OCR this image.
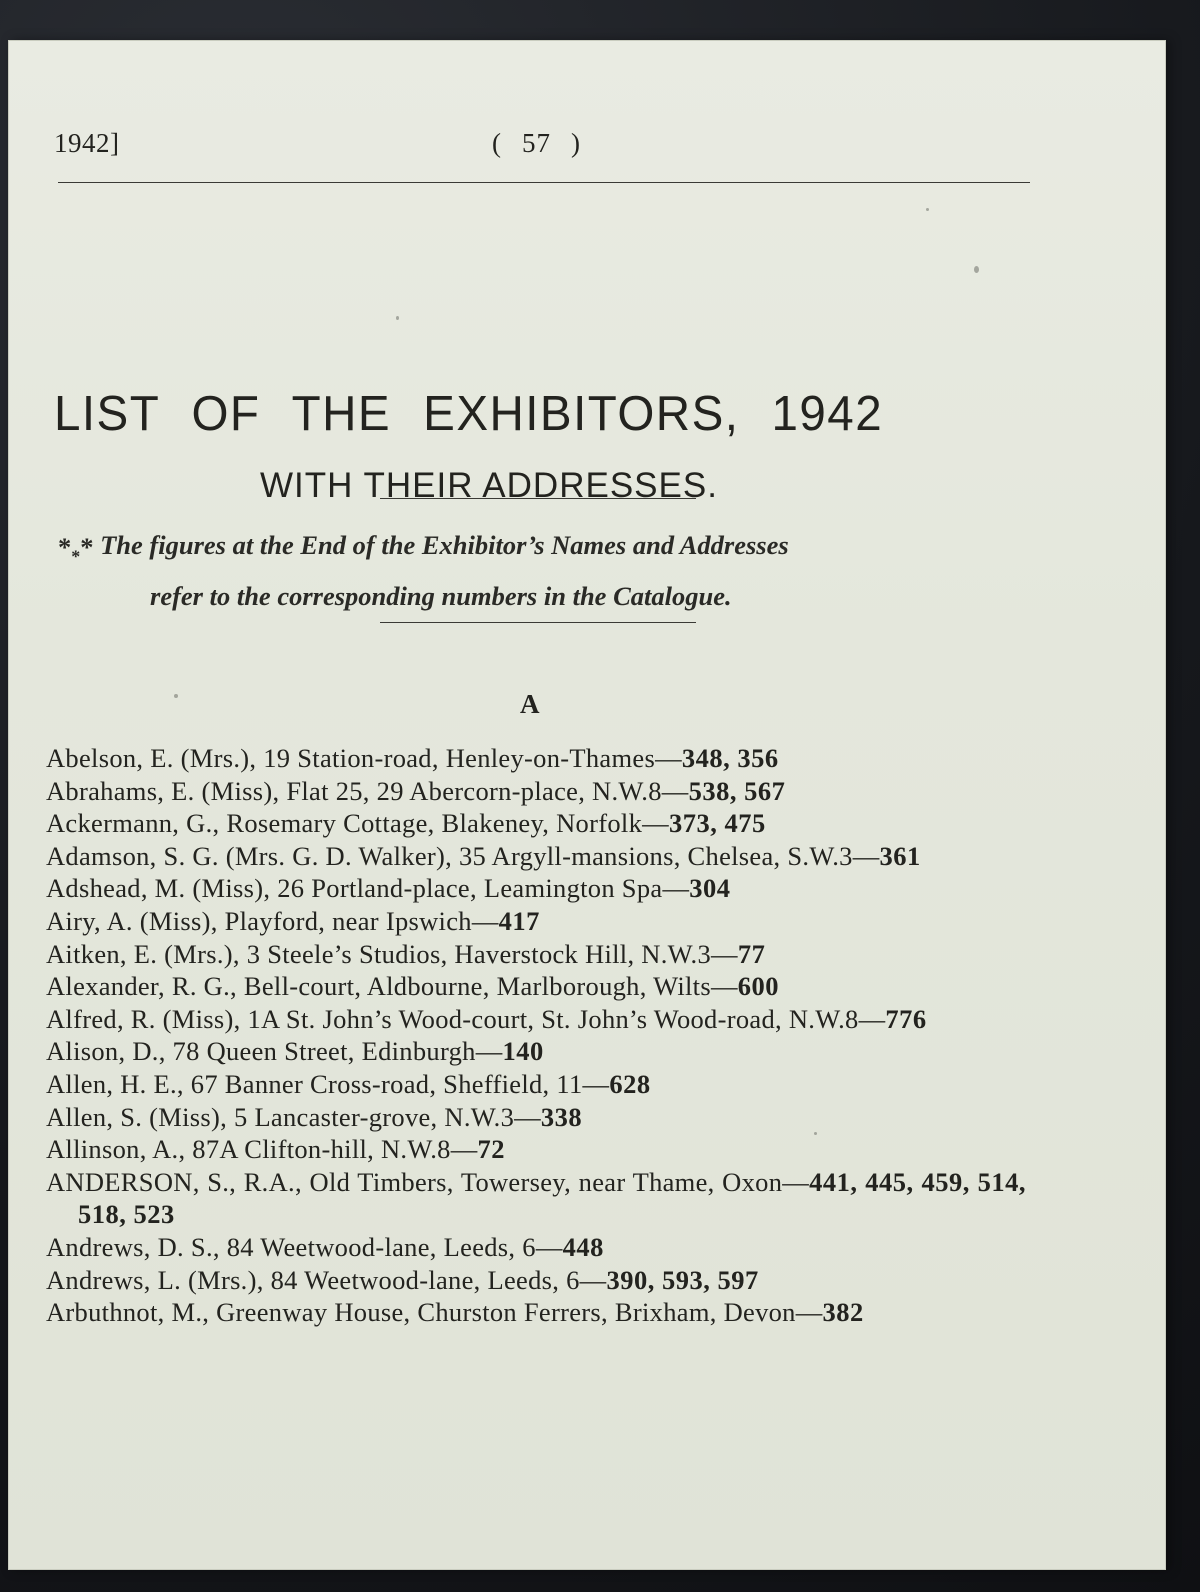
1942]	( 57 )
LIST OF THE EXHIBITORS, 1942
WITH THEIR ADDRESSES.
$*_**$ The figures at the End of the Exhibitor’s Names and Addresses
refer to the corresponding numbers in the Catalogue.
A
Abelson, E. (Mrs.), 19 Station-road, Henley-on-Thames—348, 356
Abrahams, E. (Miss), Flat 25, 29 Abercorn-place, N.W.8—538, 567
Ackermann, G., Rosemary Cottage, Blakeney, Norfolk—373, 475
Adamson, S. G. (Mrs. G. D. Walker), 35 Argyll-mansions, Chelsea, S.W.3—361
Adshead, M. (Miss), 26 Portland-place, Leamington Spa—304
Airy, A. (Miss), Playford, near Ipswich—417
Aitken, E. (Mrs.), 3 Steele’s Studios, Haverstock Hill, N.W.3—77
Alexander, R. G., Bell-court, Aldbourne, Marlborough, Wilts—600
Alfred, R. (Miss), 1A St. John’s Wood-court, St. John’s Wood-road, N.W.8—776
Alison, D., 78 Queen Street, Edinburgh—140
Allen, H. E., 67 Banner Cross-road, Sheffield, 11—628
Allen, S. (Miss), 5 Lancaster-grove, N.W.3—338
Allinson, A., 87A Clifton-hill, N.W.8—72
ANDERSON, S., R.A., Old Timbers, Towersey, near Thame, Oxon—441, 445, 459, 514, 518, 523
Andrews, D. S., 84 Weetwood-lane, Leeds, 6—448
Andrews, L. (Mrs.), 84 Weetwood-lane, Leeds, 6—390, 593, 597
Arbuthnot, M., Greenway House, Churston Ferrers, Brixham, Devon—382
